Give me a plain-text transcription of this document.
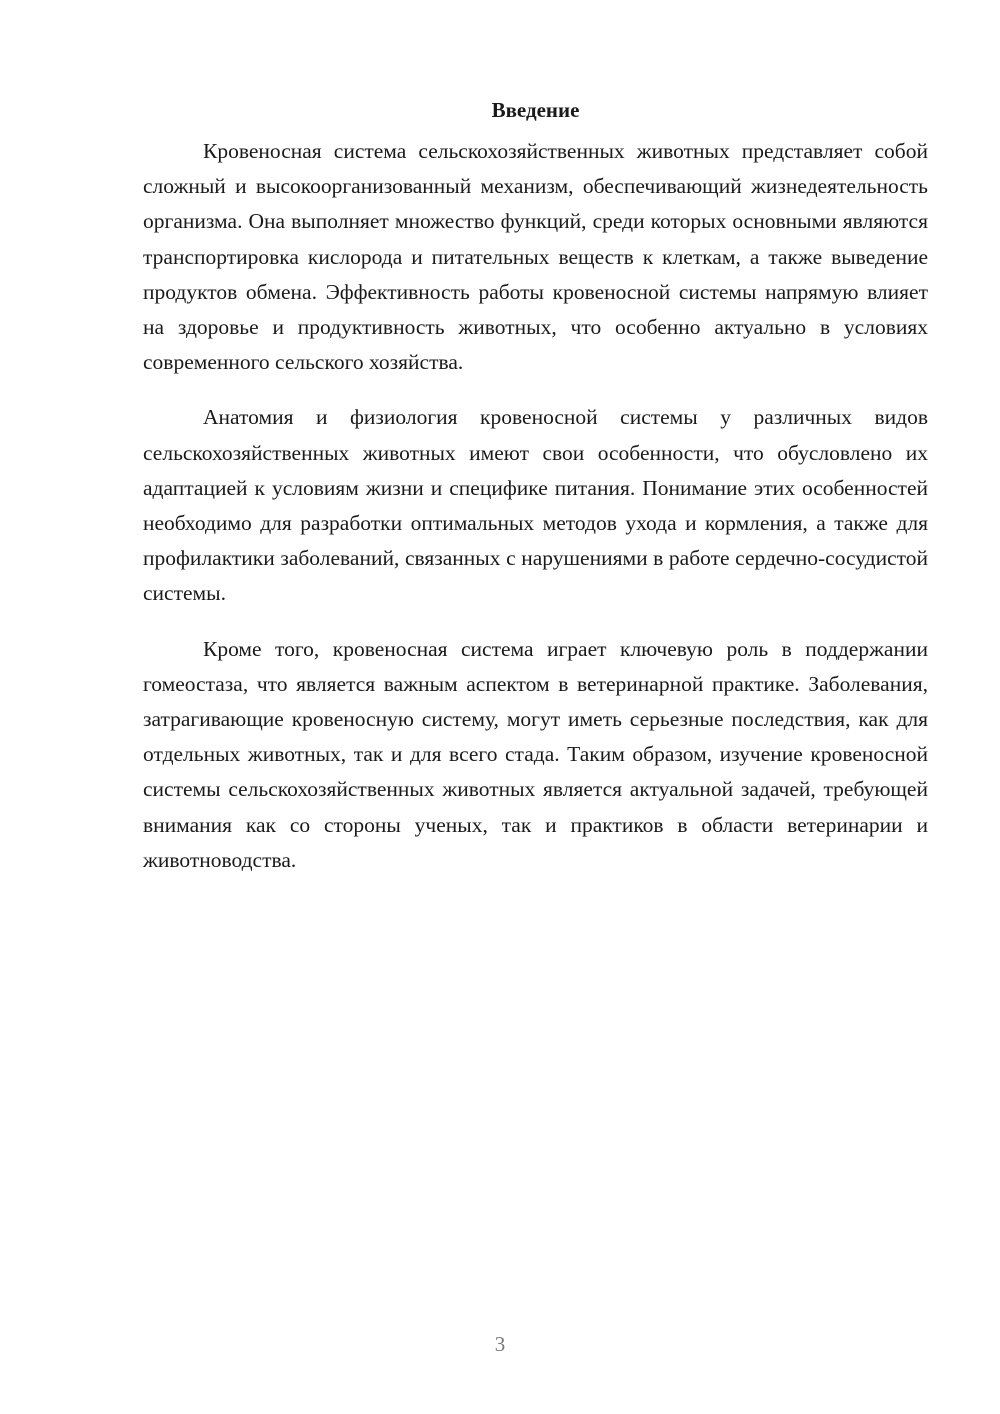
Введение

Кровеносная система сельскохозяйственных животных представляет собой сложный и высокоорганизованный механизм, обеспечивающий жизнедеятельность организма. Она выполняет множество функций, среди которых основными являются транспортировка кислорода и питательных веществ к клеткам, а также выведение продуктов обмена. Эффективность работы кровеносной системы напрямую влияет на здоровье и продуктивность животных, что особенно актуально в условиях современного сельского хозяйства.

Анатомия и физиология кровеносной системы у различных видов сельскохозяйственных животных имеют свои особенности, что обусловлено их адаптацией к условиям жизни и специфике питания. Понимание этих особенностей необходимо для разработки оптимальных методов ухода и кормления, а также для профилактики заболеваний, связанных с нарушениями в работе сердечно-сосудистой системы.

Кроме того, кровеносная система играет ключевую роль в поддержании гомеостаза, что является важным аспектом в ветеринарной практике. Заболевания, затрагивающие кровеносную систему, могут иметь серьезные последствия, как для отдельных животных, так и для всего стада. Таким образом, изучение кровеносной системы сельскохозяйственных животных является актуальной задачей, требующей внимания как со стороны ученых, так и практиков в области ветеринарии и животноводства.

3
